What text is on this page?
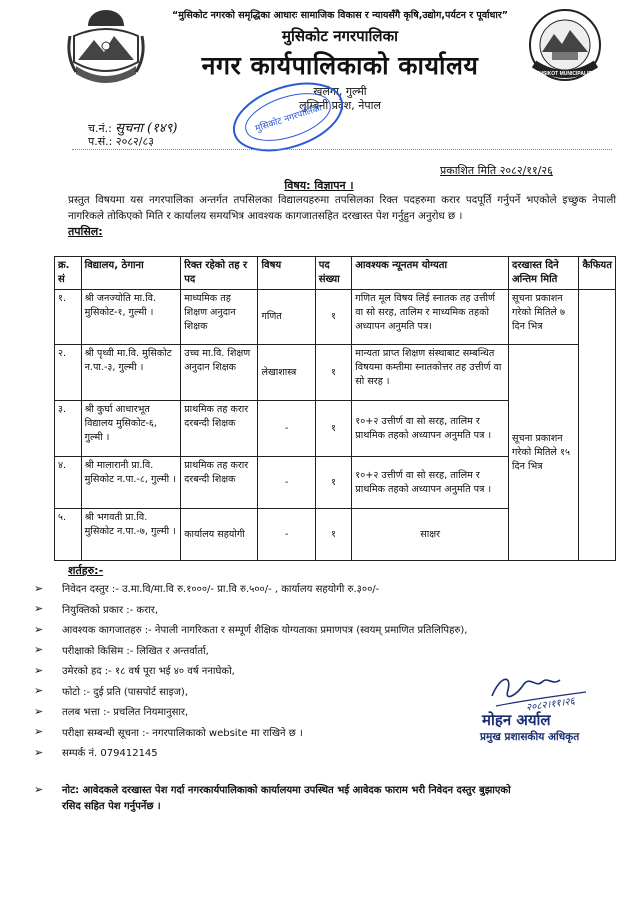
MUSIKOT MUNICIPALITY
“मुसिकोट नगरको समृद्धिका आधारः सामाजिक विकास र न्यायसँगै कृषि,उद्योग,पर्यटन र पूर्वाधार”
मुसिकोट नगरपालिका
नगर कार्यपालिकाको कार्यालय
खलंगा, गुल्मी
लुम्बिनी प्रदेश, नेपाल
मुसिकोट नगरपालिका
च.नं.: सुचना (१४९)
प.सं.: २०८२/८३
प्रकाशित मिति २०८२/११/२६
विषय: विज्ञापन ।
प्रस्तुत विषयमा यस नगरपालिका अन्तर्गत तपसिलका विद्यालयहरुमा तपसिलका रिक्त पदहरुमा करार पदपूर्ति गर्नुपर्ने भएकोले इच्छुक नेपाली नागरिकले तोकिएको मिति र कार्यालय समयभित्र आवश्यक कागजातसहित दरखास्त पेश गर्नुहुन अनुरोध छ ।
तपसिल:
क्र. सं	विद्यालय, ठेगाना	रिक्त रहेको तह र पद	विषय	पद संख्या	आवश्यक न्यूनतम योग्यता	दरखास्त दिने अन्तिम मिति	कैफियत
१.	श्री जनज्योति मा.वि. मुसिकोट-१, गुल्मी ।	माध्यमिक तह शिक्षण अनुदान शिक्षक	गणित	१	गणित मूल विषय लिई स्नातक तह उत्तीर्ण वा सो सरह, तालिम र माध्यमिक तहको अध्यापन अनुमति पत्र।	सूचना प्रकाशन गरेको मितिले ७ दिन भित्र	
२.	श्री पृथ्वी मा.वि. मुसिकोट न.पा.-३, गुल्मी ।	उच्च मा.वि. शिक्षण अनुदान शिक्षक	लेखाशास्त्र	१	मान्यता प्राप्त शिक्षण संस्थाबाट सम्बन्धित विषयमा कम्तीमा स्नातकोत्तर तह उत्तीर्ण वा सो सरह ।	सूचना प्रकाशन गरेको मितिले १५ दिन भित्र	
३.	श्री कुर्घा आधारभूत विद्यालय मुसिकोट-६, गुल्मी ।	प्राथमिक तह करार दरबन्दी शिक्षक	-	१	१०+२ उत्तीर्ण वा सो सरह, तालिम र प्राथमिक तहको अध्यापन अनुमति पत्र ।		
४.	श्री मालारानी प्रा.वि. मुसिकोट न.पा.-८, गुल्मी ।	प्राथमिक तह करार दरबन्दी शिक्षक	-	१	१०+२ उत्तीर्ण वा सो सरह, तालिम र प्राथमिक तहको अध्यापन अनुमति पत्र ।		
५.	श्री भगवती प्रा.वि. मुसिकोट न.पा.-७, गुल्मी ।	कार्यालय सहयोगी	-	१	साक्षर		
शर्तहरु:-
➢	निवेदन दस्तुर :- उ.मा.वि/मा.वि रु.१०००/- प्रा.वि रु.५००/- , कार्यालय सहयोगी रु.३००/-
➢	नियुक्तिको प्रकार :- करार,
➢	आवश्यक कागजातहरु :- नेपाली नागरिकता र सम्पूर्ण शैक्षिक योग्यताका प्रमाणपत्र (स्वयम् प्रमाणित प्रतिलिपिहरु),
➢	परीक्षाको किसिम :- लिखित र अन्तर्वार्ता,
➢	उमेरको हद :- १८ वर्ष पूरा भई ४० वर्ष ननाघेको,
➢	फोटो :- दुई प्रति (पासपोर्ट साइज),
➢	तलब भत्ता :- प्रचलित नियमानुसार,
➢	परीक्षा सम्बन्धी सूचना :- नगरपालिकाको website मा राखिने छ ।
➢	सम्पर्क नं. 079412145
➢ नोट: आवेदकले दरखास्त पेश गर्दा नगरकार्यपालिकाको कार्यालयमा उपस्थित भई आवेदक फाराम भरी निवेदन दस्तुर बुझाएको रसिद सहित पेश गर्नुपर्नेछ ।
२०८२।११।२६
मोहन अर्याल
प्रमुख प्रशासकीय अधिकृत
